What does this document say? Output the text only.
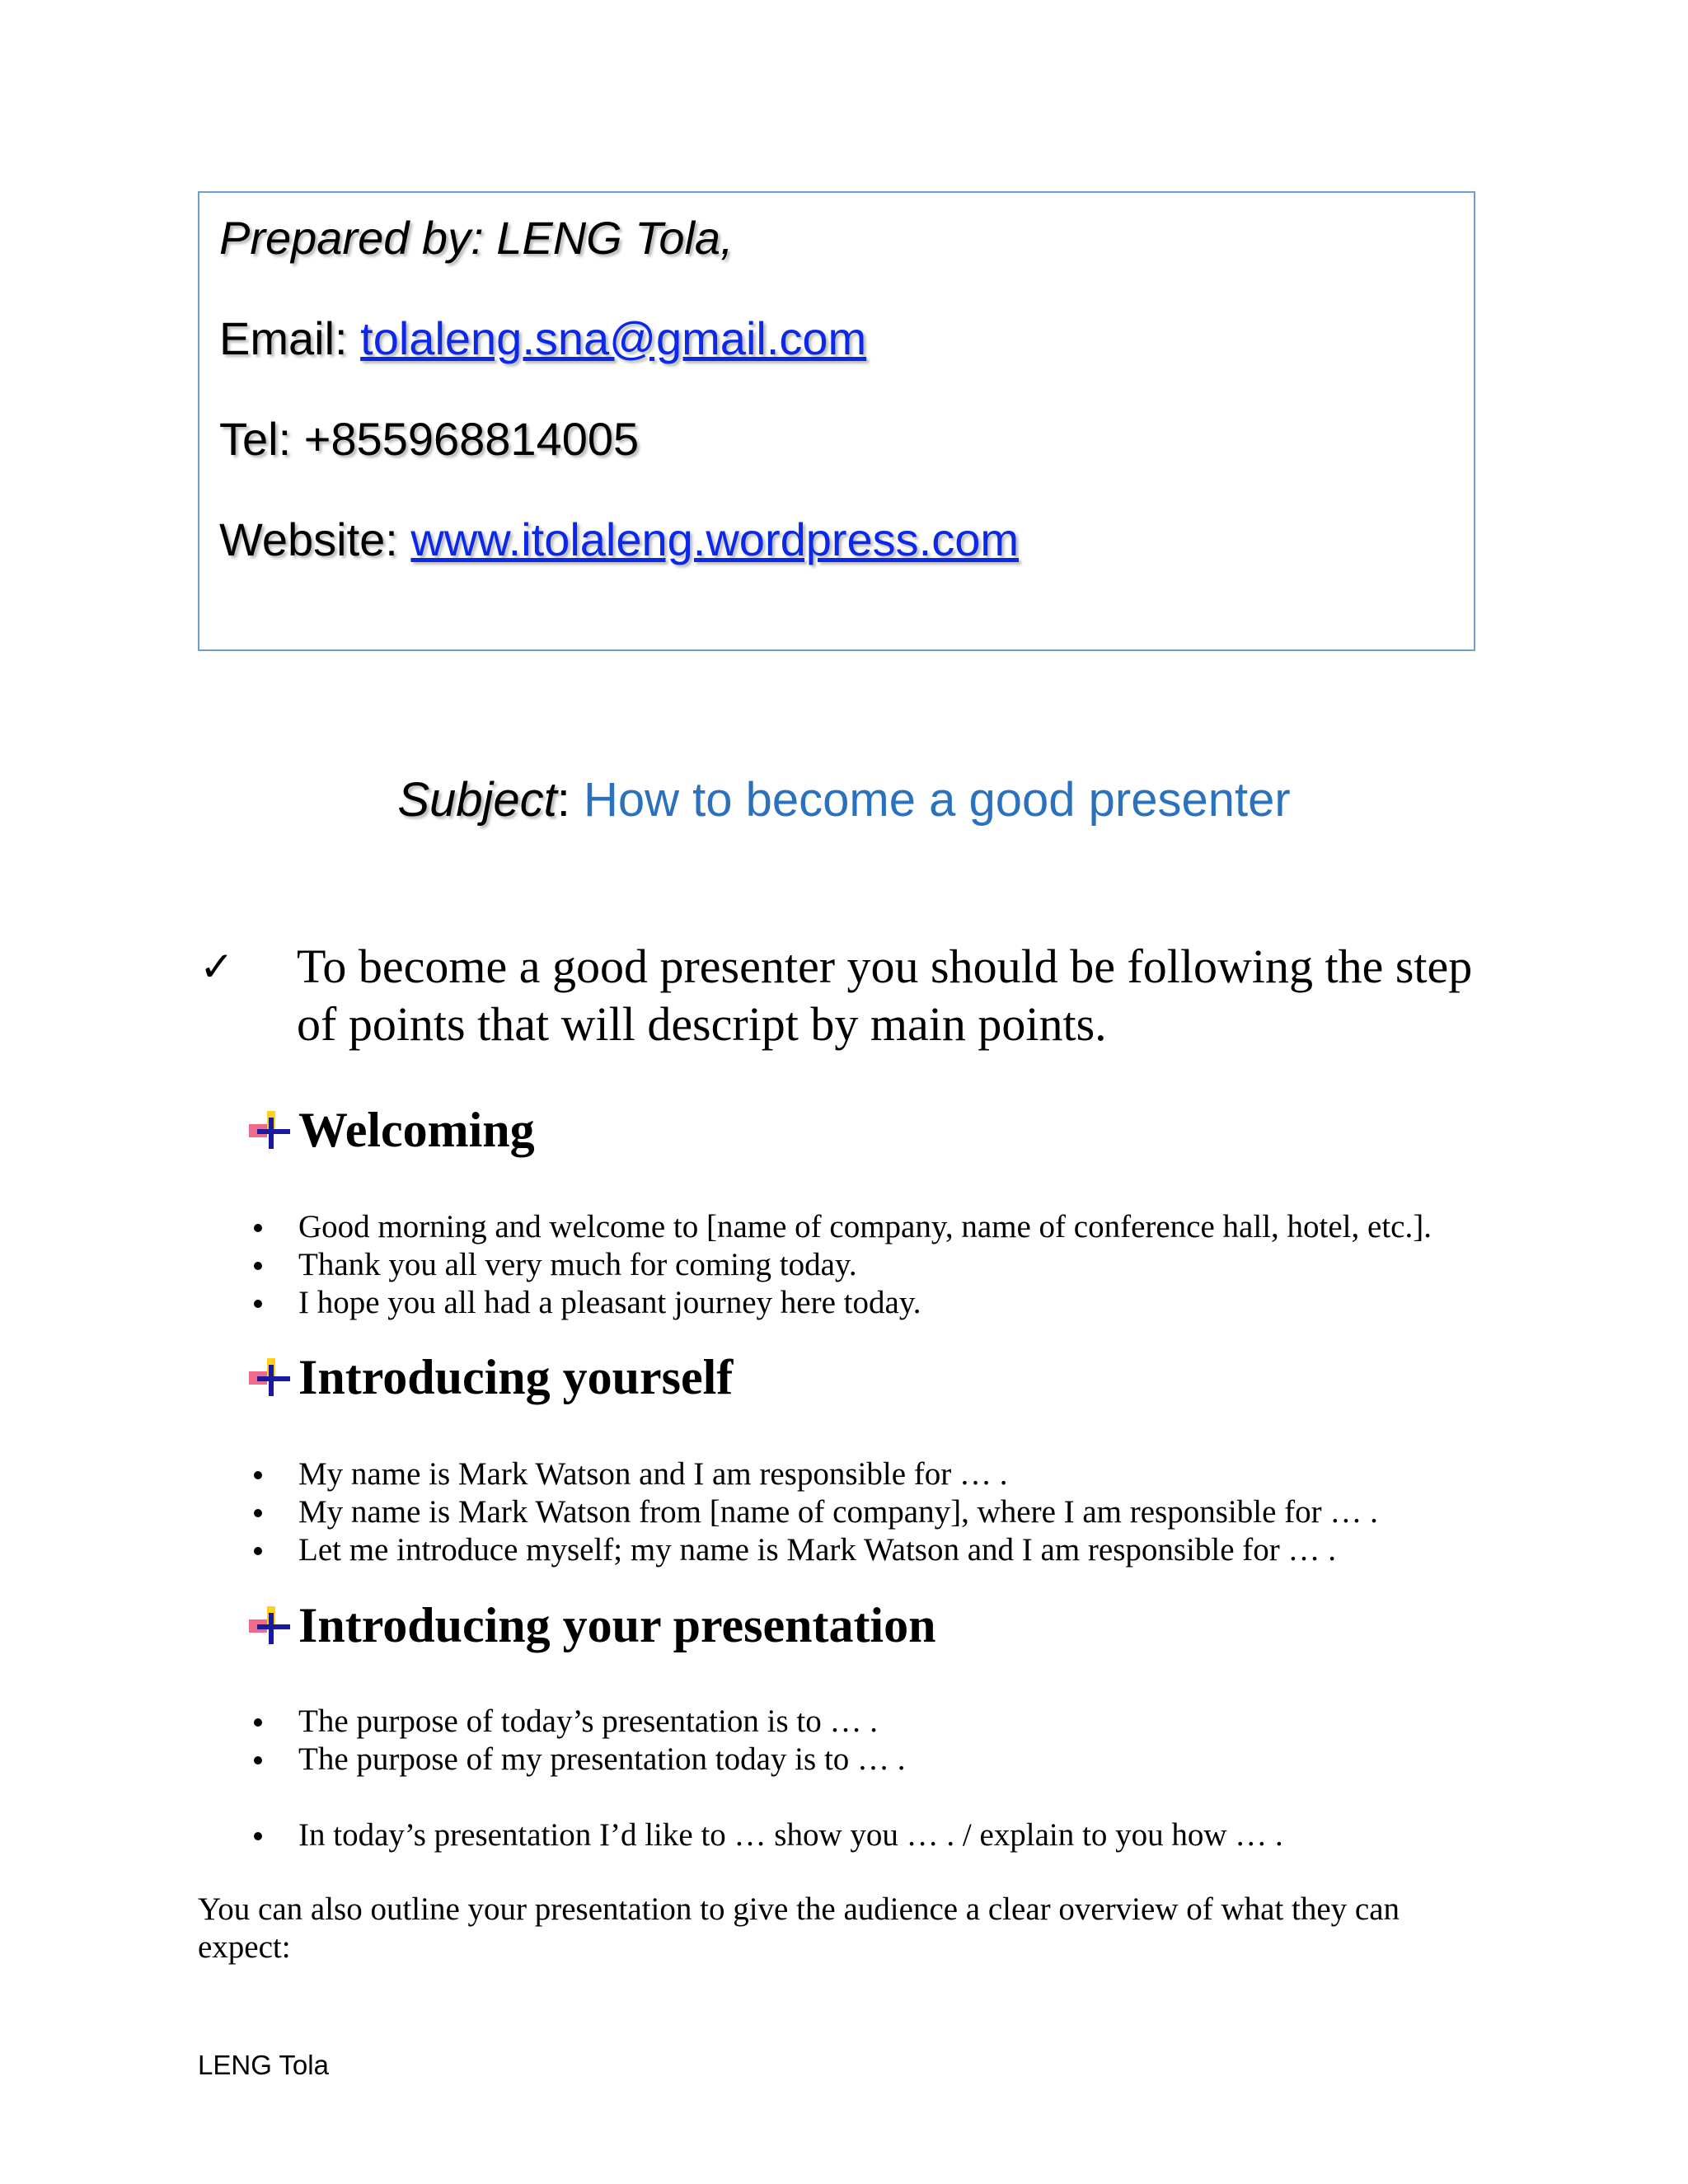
Prepared by: LENG Tola,

Email: tolaleng.sna@gmail.com

Tel: +855968814005

Website: www.itolaleng.wordpress.com

Subject: How to become a good presenter

✓	To become a good presenter you should be following the step of points that will descript by main points.

Welcoming
Good morning and welcome to [name of company, name of conference hall, hotel, etc.].
Thank you all very much for coming today.
I hope you all had a pleasant journey here today.
Introducing yourself
My name is Mark Watson and I am responsible for … .
My name is Mark Watson from [name of company], where I am responsible for … .
Let me introduce myself; my name is Mark Watson and I am responsible for … .
Introducing your presentation
The purpose of today’s presentation is to … .
The purpose of my presentation today is to … .
In today’s presentation I’d like to … show you … . / explain to you how … .

You can also outline your presentation to give the audience a clear overview of what they can expect:

LENG Tola
